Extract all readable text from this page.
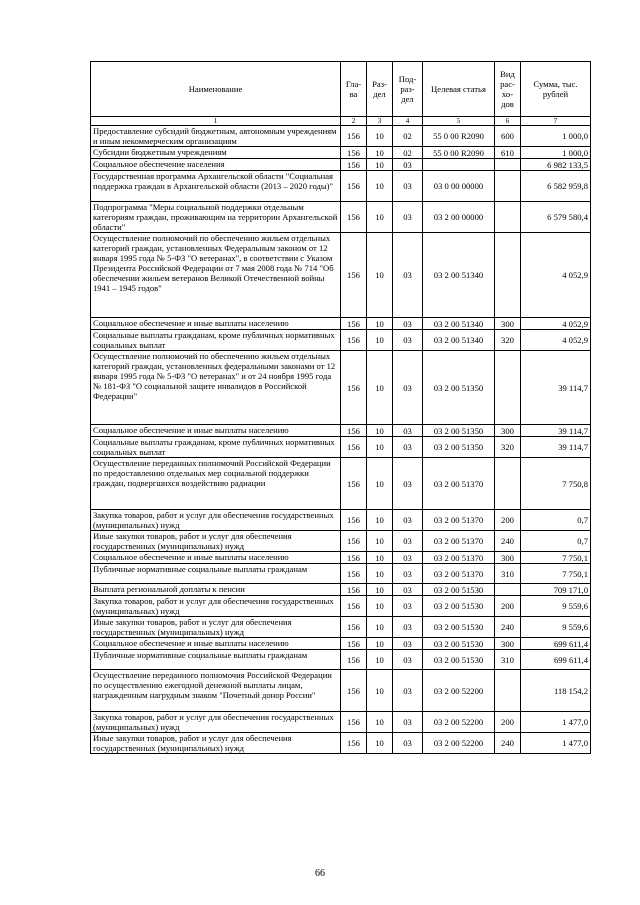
Наименование	Гла-ва	Раз-дел	Под-раз-дел	Целевая статья	Вид рас-хо-дов	Сумма, тыс. рублей
1	2	3	4	5	6	7
Предоставление субсидий бюджетным, автономным учреждениям и иным некоммерческим организациям	156	10	02	55 0 00 R2090	600	1 000,0
Субсидии бюджетным учреждениям	156	10	02	55 0 00 R2090	610	1 000,0
Социальное обеспечение населения	156	10	03			6 982 133,5
Государственная программа Архангельской области "Социальная поддержка граждан в Архангельской области (2013 – 2020 годы)"	156	10	03	03 0 00 00000		6 582 959,8
Подпрограмма "Меры социальной поддержки отдельным категориям граждан, проживающим на территории Архангельской области"	156	10	03	03 2 00 00000		6 579 580,4
Осуществление полномочий по обеспечению жильем отдельных категорий граждан, установленных Федеральным законом от 12 января 1995 года № 5-ФЗ "О ветеранах", в соответствии с Указом Президента Российской Федерации от 7 мая 2008 года № 714 "Об обеспечении жильем ветеранов Великой Отечественной войны 1941 – 1945 годов"	156	10	03	03 2 00 51340		4 052,9
Социальное обеспечение и иные выплаты населению	156	10	03	03 2 00 51340	300	4 052,9
Социальные выплаты гражданам, кроме публичных нормативных социальных выплат	156	10	03	03 2 00 51340	320	4 052,9
Осуществление полномочий по обеспечению жильем отдельных категорий граждан, установленных федеральными законами от 12 января 1995 года № 5-ФЗ "О ветеранах" и от 24 ноября 1995 года № 181-ФЗ "О социальной защите инвалидов в Российской Федерации"	156	10	03	03 2 00 51350		39 114,7
Социальное обеспечение и иные выплаты населению	156	10	03	03 2 00 51350	300	39 114,7
Социальные выплаты гражданам, кроме публичных нормативных социальных выплат	156	10	03	03 2 00 51350	320	39 114,7
Осуществление переданных полномочий Российской Федерации по предоставлению отдельных мер социальной поддержки граждан, подвергшихся воздействию радиации	156	10	03	03 2 00 51370		7 750,8
Закупка товаров, работ и услуг для обеспечения государственных (муниципальных) нужд	156	10	03	03 2 00 51370	200	0,7
Иные закупки товаров, работ и услуг для обеспечения государственных (муниципальных) нужд	156	10	03	03 2 00 51370	240	0,7
Социальное обеспечение и иные выплаты населению	156	10	03	03 2 00 51370	300	7 750,1
Публичные нормативные социальные выплаты гражданам	156	10	03	03 2 00 51370	310	7 750,1
Выплата региональной доплаты к пенсии	156	10	03	03 2 00 51530		709 171,0
Закупка товаров, работ и услуг для обеспечения государственных (муниципальных) нужд	156	10	03	03 2 00 51530	200	9 559,6
Иные закупки товаров, работ и услуг для обеспечения государственных (муниципальных) нужд	156	10	03	03 2 00 51530	240	9 559,6
Социальное обеспечение и иные выплаты населению	156	10	03	03 2 00 51530	300	699 611,4
Публичные нормативные социальные выплаты гражданам	156	10	03	03 2 00 51530	310	699 611,4
Осуществление переданного полномочия Российской Федерации по осуществлению ежегодной денежной выплаты лицам, награжденным нагрудным знаком "Почетный донор России"	156	10	03	03 2 00 52200		118 154,2
Закупка товаров, работ и услуг для обеспечения государственных (муниципальных) нужд	156	10	03	03 2 00 52200	200	1 477,0
Иные закупки товаров, работ и услуг для обеспечения государственных (муниципальных) нужд	156	10	03	03 2 00 52200	240	1 477,0
66
